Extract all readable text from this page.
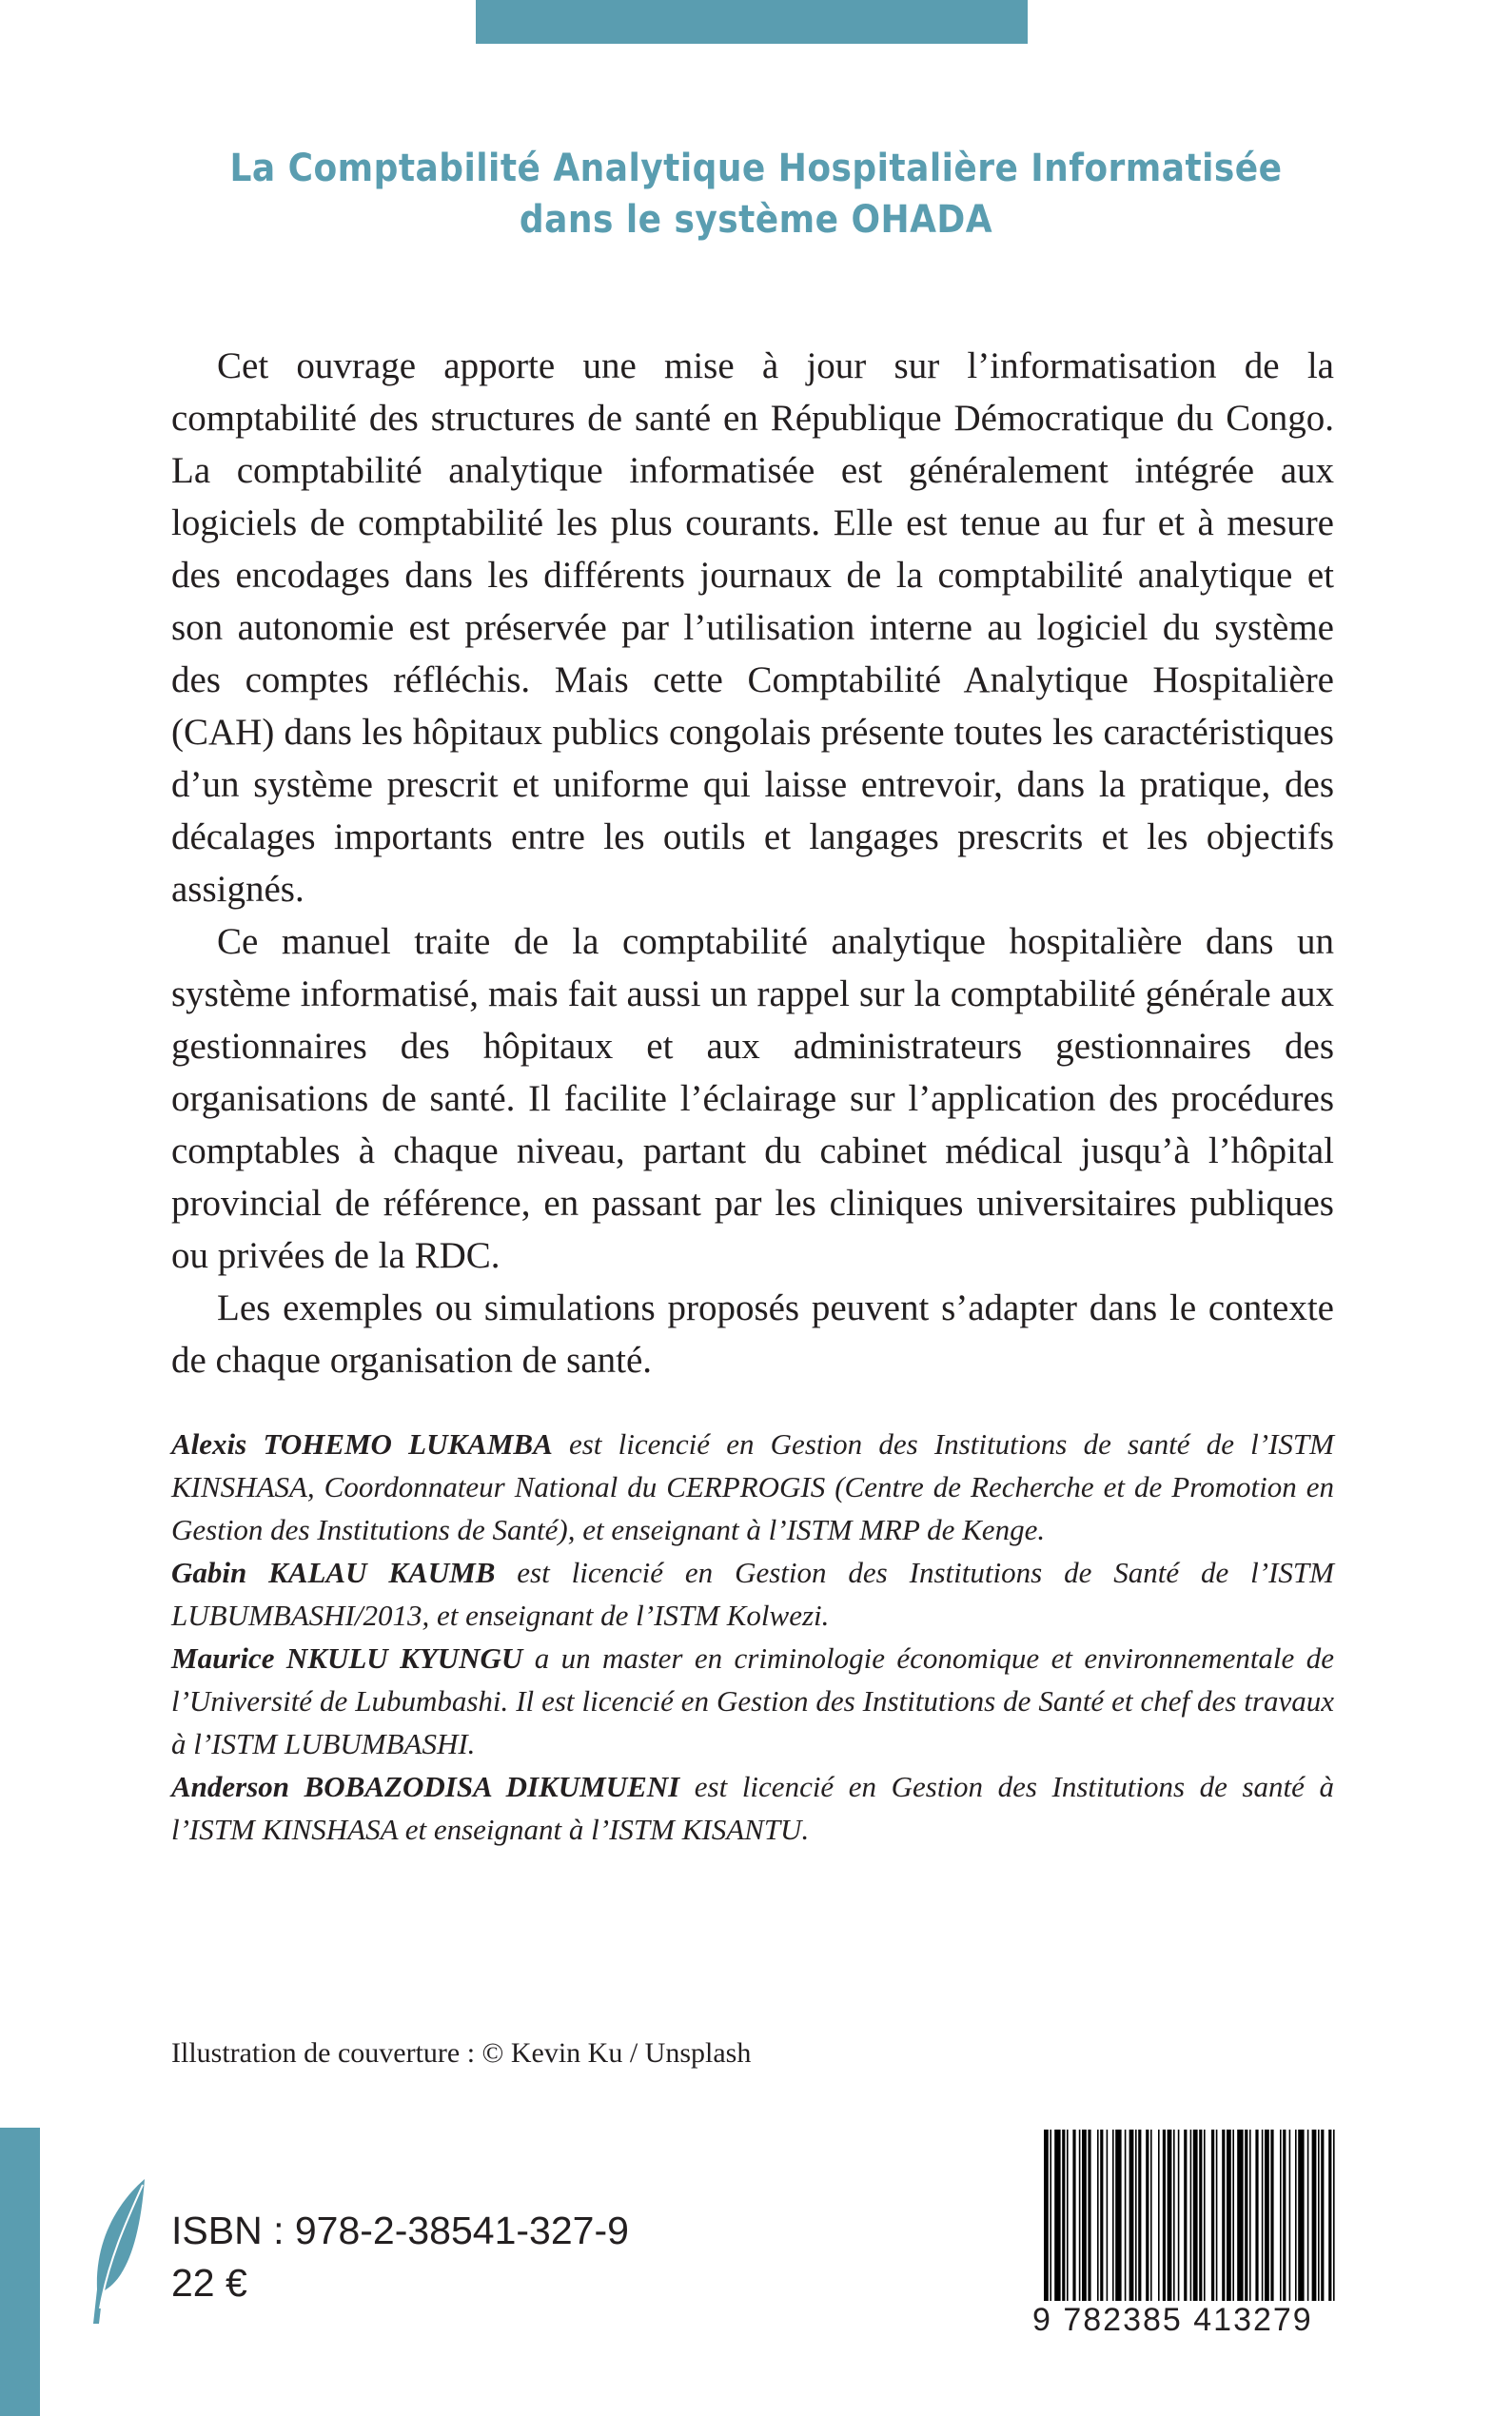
La Comptabilité Analytique Hospitalière Informatisée
dans le système OHADA

Cet ouvrage apporte une mise à jour sur l’informatisation de la comptabilité des structures de santé en République Démocratique du Congo. La comptabilité analytique informatisée est généralement intégrée aux logiciels de comptabilité les plus courants. Elle est tenue au fur et à mesure des encodages dans les différents journaux de la comptabilité analytique et son autonomie est préservée par l’utilisation interne au logiciel du système des comptes réfléchis. Mais cette Comptabilité Analytique Hospitalière (CAH) dans les hôpitaux publics congolais présente toutes les caractéristiques d’un système prescrit et uniforme qui laisse entrevoir, dans la pratique, des décalages importants entre les outils et langages prescrits et les objectifs assignés.

Ce manuel traite de la comptabilité analytique hospitalière dans un système informatisé, mais fait aussi un rappel sur la comptabilité générale aux gestionnaires des hôpitaux et aux administrateurs gestionnaires des organisations de santé. Il facilite l’éclairage sur l’application des procédures comptables à chaque niveau, partant du cabinet médical jusqu’à l’hôpital provincial de référence, en passant par les cliniques universitaires publiques ou privées de la RDC.

Les exemples ou simulations proposés peuvent s’adapter dans le contexte de chaque organisation de santé.

Alexis TOHEMO LUKAMBA est licencié en Gestion des Institutions de santé de l’ISTM KINSHASA, Coordonnateur National du CERPROGIS (Centre de Recherche et de Promotion en Gestion des Institutions de Santé), et enseignant à l’ISTM MRP de Kenge.

Gabin KALAU KAUMB est licencié en Gestion des Institutions de Santé de l’ISTM LUBUMBASHI/2013, et enseignant de l’ISTM Kolwezi.

Maurice NKULU KYUNGU a un master en criminologie économique et environnementale de l’Université de Lubumbashi. Il est licencié en Gestion des Institutions de Santé et chef des travaux à l’ISTM LUBUMBASHI.

Anderson BOBAZODISA DIKUMUENI est licencié en Gestion des Institutions de santé à l’ISTM KINSHASA et enseignant à l’ISTM KISANTU.

Illustration de couverture : © Kevin Ku / Unsplash
ISBN : 978-2-38541-327-9
22 €
9 782385 413279
